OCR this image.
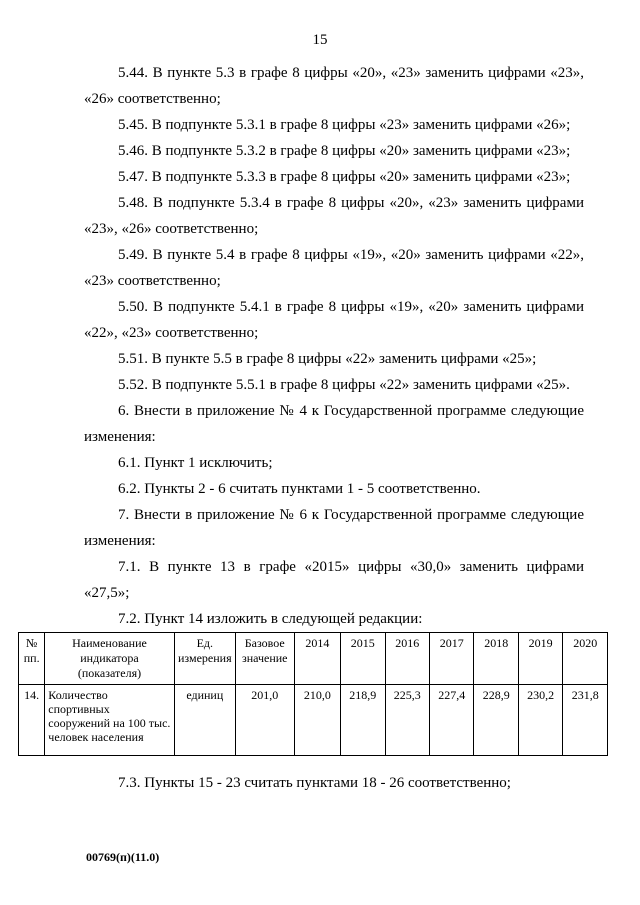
15

5.44. В пункте 5.3 в графе 8 цифры «20», «23» заменить цифрами «23», «26» соответственно;

5.45. В подпункте 5.3.1 в графе 8 цифры «23» заменить цифрами «26»;

5.46. В подпункте 5.3.2 в графе 8 цифры «20» заменить цифрами «23»;

5.47. В подпункте 5.3.3 в графе 8 цифры «20» заменить цифрами «23»;

5.48. В подпункте 5.3.4 в графе 8 цифры «20», «23» заменить цифрами «23», «26» соответственно;

5.49. В пункте 5.4 в графе 8 цифры «19», «20» заменить цифрами «22», «23» соответственно;

5.50. В подпункте 5.4.1 в графе 8 цифры «19», «20» заменить цифрами «22», «23» соответственно;

5.51. В пункте 5.5 в графе 8 цифры «22» заменить цифрами «25»;

5.52. В подпункте 5.5.1 в графе 8 цифры «22» заменить цифрами «25».

6. Внести в приложение № 4 к Государственной программе следующие изменения:

6.1. Пункт 1 исключить;

6.2. Пункты 2 - 6 считать пунктами 1 - 5 соответственно.

7. Внести в приложение № 6 к Государственной программе следующие изменения:

7.1. В пункте 13 в графе «2015» цифры «30,0» заменить цифрами «27,5»;

7.2. Пункт 14 изложить в следующей редакции:

№ пп.	Наименование индикатора (показателя)	Ед. измерения	Базовое значение	2014	2015	2016	2017	2018	2019	2020
14.	Количество спортивных сооружений на 100 тыс. человек населения	единиц	201,0	210,0	218,9	225,3	227,4	228,9	230,2	231,8

7.3. Пункты 15 - 23 считать пунктами 18 - 26 соответственно;

00769(п)(11.0)
